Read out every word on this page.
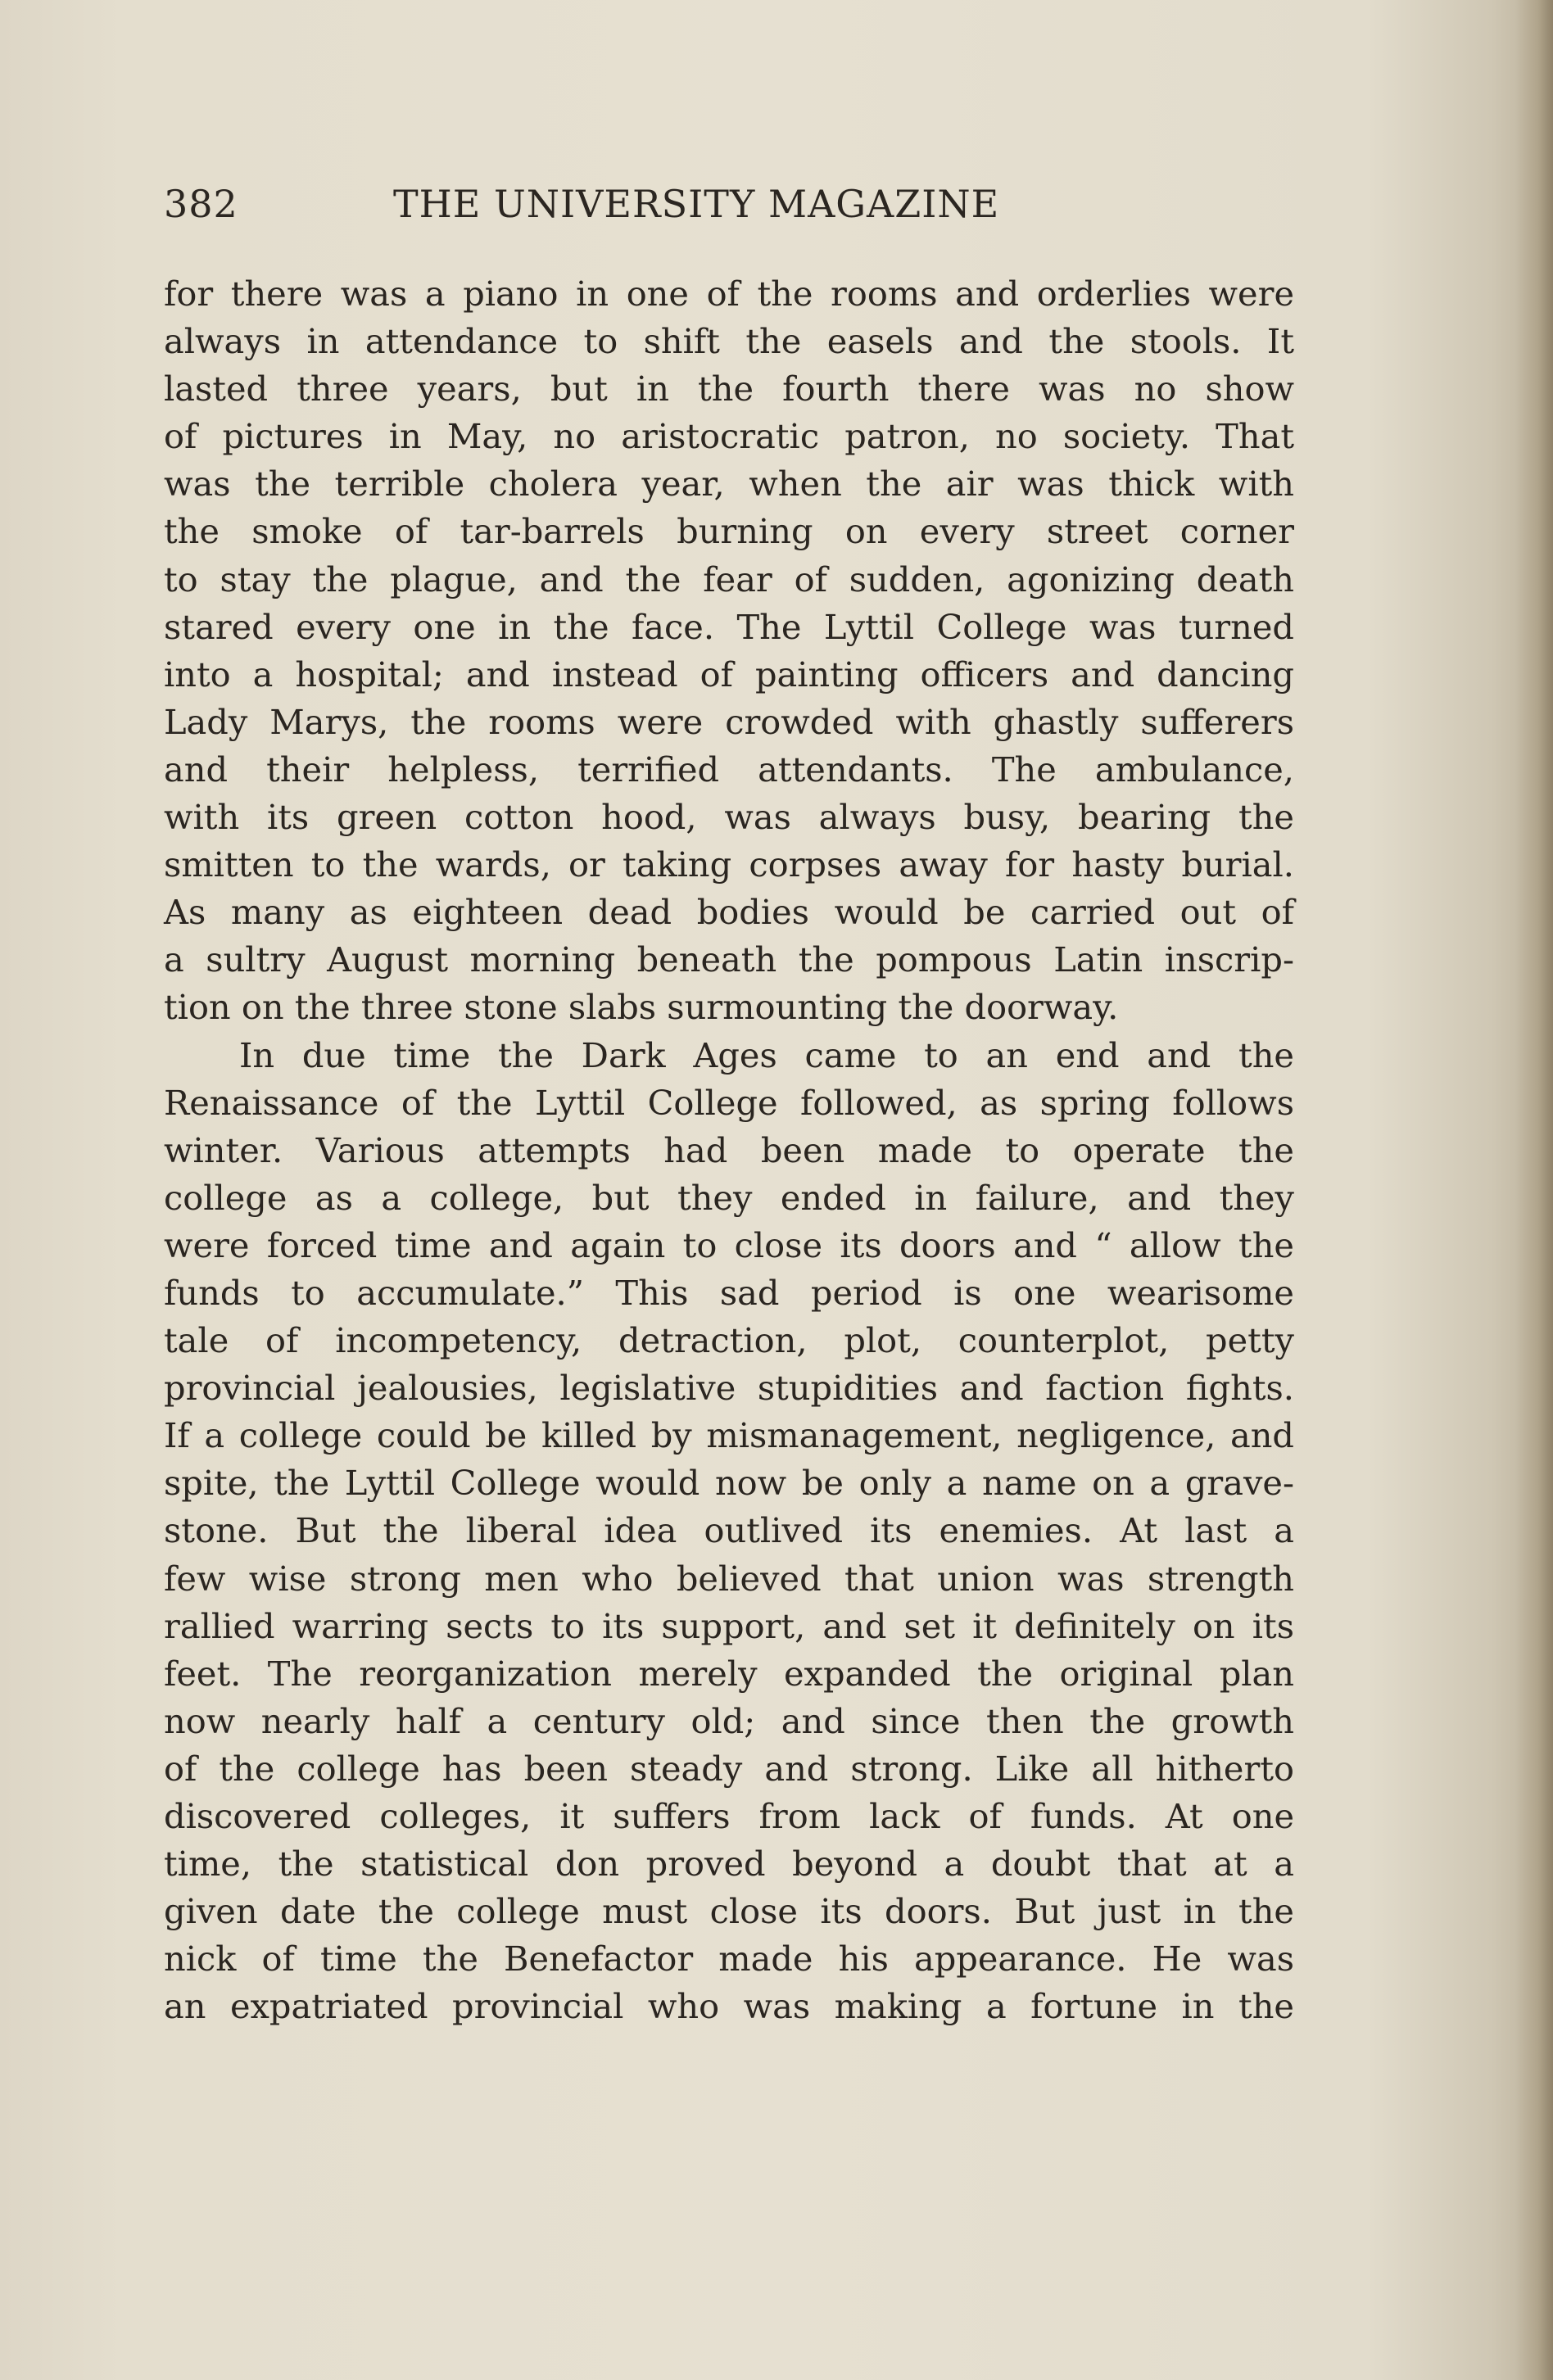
382	THE UNIVERSITY MAGAZINE
for there was a piano in one of the rooms and orderlies were
always in attendance to shift the easels and the stools. It
lasted three years, but in the fourth there was no show
of pictures in May, no aristocratic patron, no society. That
was the terrible cholera year, when the air was thick with
the smoke of tar-barrels burning on every street corner
to stay the plague, and the fear of sudden, agonizing death
stared every one in the face. The Lyttil College was turned
into a hospital; and instead of painting officers and dancing
Lady Marys, the rooms were crowded with ghastly sufferers
and their helpless, terrified attendants. The ambulance,
with its green cotton hood, was always busy, bearing the
smitten to the wards, or taking corpses away for hasty burial.
As many as eighteen dead bodies would be carried out of
a sultry August morning beneath the pompous Latin inscrip-
tion on the three stone slabs surmounting the doorway.
In due time the Dark Ages came to an end and the
Renaissance of the Lyttil College followed, as spring follows
winter. Various attempts had been made to operate the
college as a college, but they ended in failure, and they
were forced time and again to close its doors and “ allow the
funds to accumulate.” This sad period is one wearisome
tale of incompetency, detraction, plot, counterplot, petty
provincial jealousies, legislative stupidities and faction fights.
If a college could be killed by mismanagement, negligence, and
spite, the Lyttil College would now be only a name on a grave-
stone. But the liberal idea outlived its enemies. At last a
few wise strong men who believed that union was strength
rallied warring sects to its support, and set it definitely on its
feet. The reorganization merely expanded the original plan
now nearly half a century old; and since then the growth
of the college has been steady and strong. Like all hitherto
discovered colleges, it suffers from lack of funds. At one
time, the statistical don proved beyond a doubt that at a
given date the college must close its doors. But just in the
nick of time the Benefactor made his appearance. He was
an expatriated provincial who was making a fortune in the
